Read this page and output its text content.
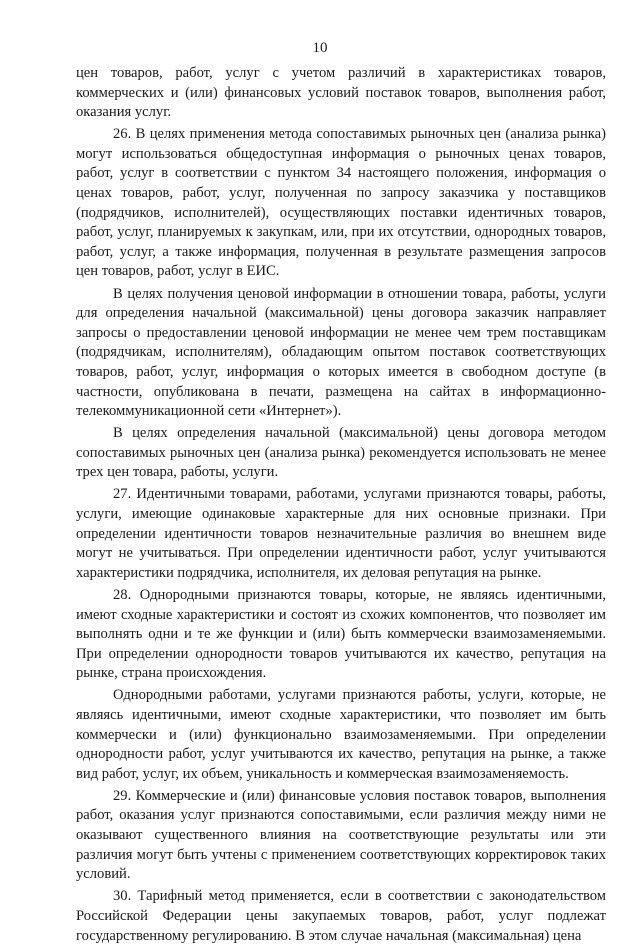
10

цен товаров, работ, услуг с учетом различий в характеристиках товаров, коммерческих и (или) финансовых условий поставок товаров, выполнения работ, оказания услуг.

26. В целях применения метода сопоставимых рыночных цен (анализа рынка) могут использоваться общедоступная информация о рыночных ценах товаров, работ, услуг в соответствии с пунктом 34 настоящего положения, информация о ценах товаров, работ, услуг, полученная по запросу заказчика у поставщиков (подрядчиков, исполнителей), осуществляющих поставки идентичных товаров, работ, услуг, планируемых к закупкам, или, при их отсутствии, однородных товаров, работ, услуг, а также информация, полученная в результате размещения запросов цен товаров, работ, услуг в ЕИС.

В целях получения ценовой информации в отношении товара, работы, услуги для определения начальной (максимальной) цены договора заказчик направляет запросы о предоставлении ценовой информации не менее чем трем поставщикам (подрядчикам, исполнителям), обладающим опытом поставок соответствующих товаров, работ, услуг, информация о которых имеется в свободном доступе (в частности, опубликована в печати, размещена на сайтах в информационно-телекоммуникационной сети «Интернет»).

В целях определения начальной (максимальной) цены договора методом сопоставимых рыночных цен (анализа рынка) рекомендуется использовать не менее трех цен товара, работы, услуги.

27. Идентичными товарами, работами, услугами признаются товары, работы, услуги, имеющие одинаковые характерные для них основные признаки. При определении идентичности товаров незначительные различия во внешнем виде могут не учитываться. При определении идентичности работ, услуг учитываются характеристики подрядчика, исполнителя, их деловая репутация на рынке.

28. Однородными признаются товары, которые, не являясь идентичными, имеют сходные характеристики и состоят из схожих компонентов, что позволяет им выполнять одни и те же функции и (или) быть коммерчески взаимозаменяемыми. При определении однородности товаров учитываются их качество, репутация на рынке, страна происхождения.

Однородными работами, услугами признаются работы, услуги, которые, не являясь идентичными, имеют сходные характеристики, что позволяет им быть коммерчески и (или) функционально взаимозаменяемыми. При определении однородности работ, услуг учитываются их качество, репутация на рынке, а также вид работ, услуг, их объем, уникальность и коммерческая взаимозаменяемость.

29. Коммерческие и (или) финансовые условия поставок товаров, выполнения работ, оказания услуг признаются сопоставимыми, если различия между ними не оказывают существенного влияния на соответствующие результаты или эти различия могут быть учтены с применением соответствующих корректировок таких условий.

30. Тарифный метод применяется, если в соответствии с законодательством Российской Федерации цены закупаемых товаров, работ, услуг подлежат государственному регулированию. В этом случае начальная (максимальная) цена
